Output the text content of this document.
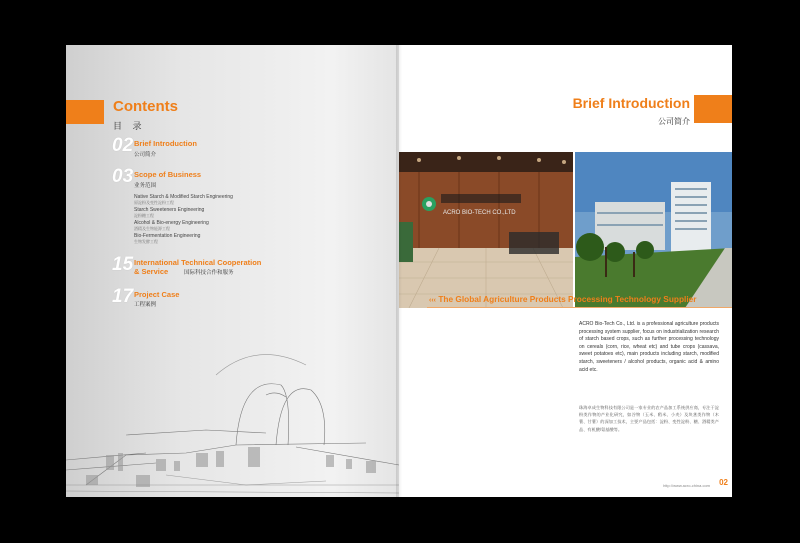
Contents
目 录
02 Brief Introduction
公司简介
03 Scope of Business
业务范围
Native Starch & Modified Starch Engineering
原淀粉及变性淀粉工程
Starch Sweeteners Engineering
淀粉糖工程
Alcohol & Bio-energy Engineering
酒精及生物能源工程
Bio-Fermentation Engineering
生物发酵工程
15 International Technical Cooperation
& Service	国际科技合作和服务
17 Project Case
工程案例
Brief Introduction
公司简介
ACRO BIO-TECH CO.,LTD
‹‹‹ The Global Agriculture Products Processing Technology Supplier
ACRO Bio-Tech Co., Ltd. is a professional agriculture products processing system supplier, focus on industrialization research of starch based crops, such as further processing technology on cereals (corn, rice, wheat etc) and tube crops (cassava, sweet potatoes etc), main products including starch, modified starch, sweeteners / alcohol products, organic acid & amino acid etc.
珠海卓成生物科技有限公司是一家专业的农产品加工系统供应商，专注于淀粉类作物的产业化研究，如谷物（玉米、稻米、小麦）及块茎类作物（木薯、甘薯）的深加工技术，主要产品包括：淀粉、变性淀粉、糖、酒精类产品、有机酸/氨基酸等。
http://www.acro-china.com 02
